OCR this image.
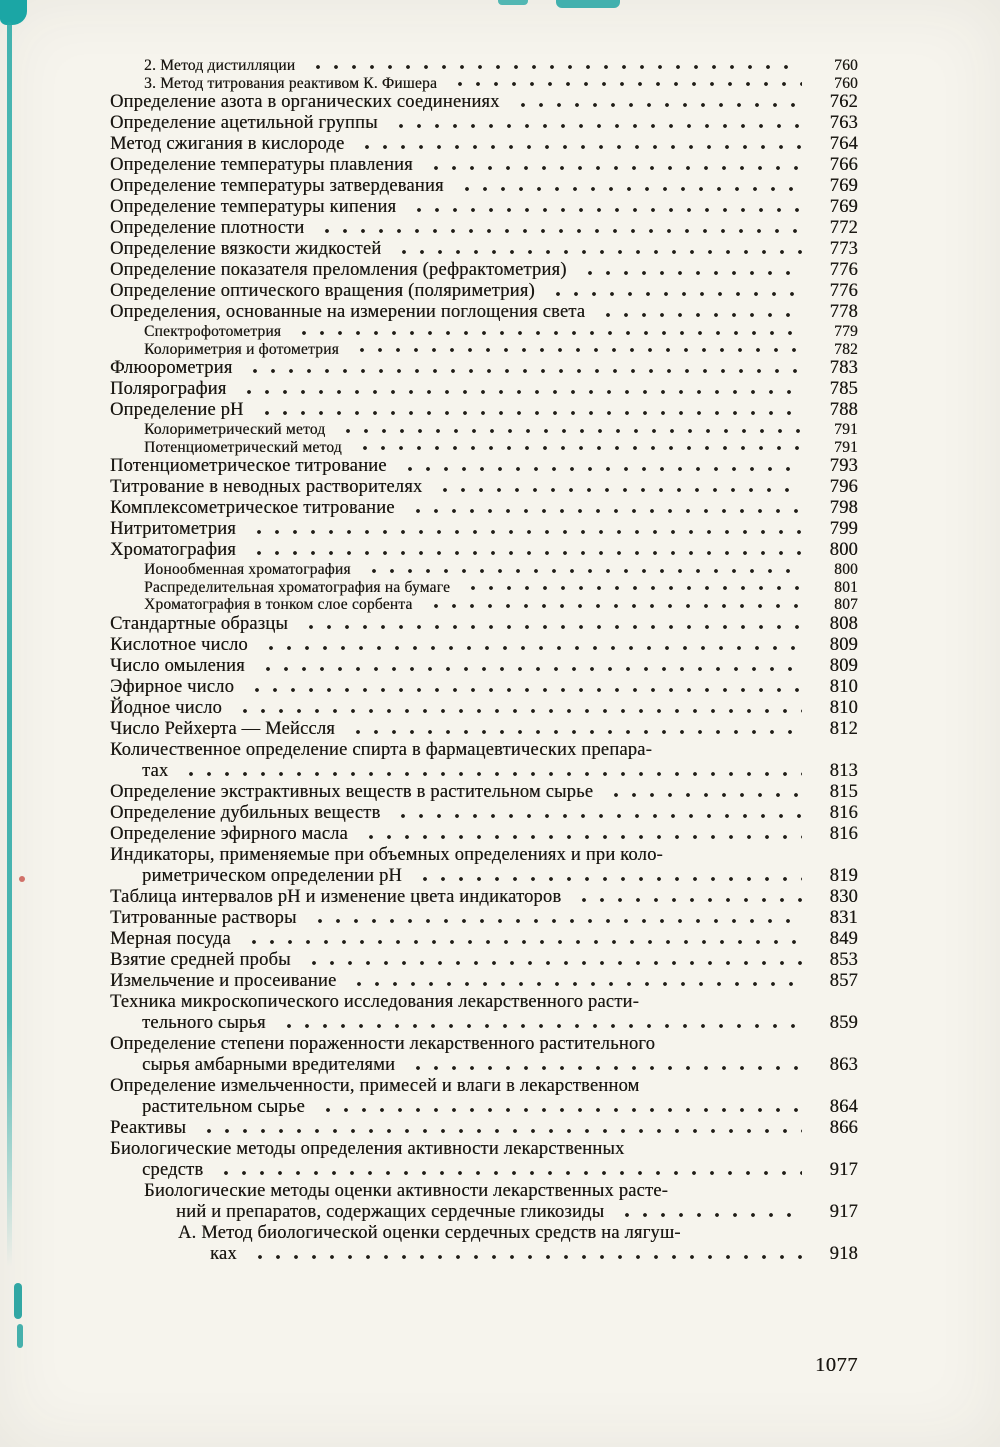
2. Метод дистилляции	760
3. Метод титрования реактивом К. Фишера	760
Определение азота в органических соединениях	762
Определение ацетильной группы	763
Метод сжигания в кислороде	764
Определение температуры плавления	766
Определение температуры затвердевания	769
Определение температуры кипения	769
Определение плотности	772
Определение вязкости жидкостей	773
Определение показателя преломления (рефрактометрия)	776
Определение оптического вращения (поляриметрия)	776
Определения, основанные на измерении поглощения света	778
Спектрофотометрия	779
Колориметрия и фотометрия	782
Флюорометрия	783
Полярография	785
Определение pH	788
Колориметрический метод	791
Потенциометрический метод	791
Потенциометрическое титрование	793
Титрование в неводных растворителях	796
Комплексометрическое титрование	798
Нитритометрия	799
Хроматография	800
Ионообменная хроматография	800
Распределительная хроматография на бумаге	801
Хроматография в тонком слое сорбента	807
Стандартные образцы	808
Кислотное число	809
Число омыления	809
Эфирное число	810
Йодное число	810
Число Рейхерта — Мейссля	812
Количественное определение спирта в фармацевтических препара-
тах	813
Определение экстрактивных веществ в растительном сырье	815
Определение дубильных веществ	816
Определение эфирного масла	816
Индикаторы, применяемые при объемных определениях и при коло-
риметрическом определении pH	819
Таблица интервалов pH и изменение цвета индикаторов	830
Титрованные растворы	831
Мерная посуда	849
Взятие средней пробы	853
Измельчение и просеивание	857
Техника микроскопического исследования лекарственного расти-
тельного сырья	859
Определение степени пораженности лекарственного растительного
сырья амбарными вредителями	863
Определение измельченности, примесей и влаги в лекарственном
растительном сырье	864
Реактивы	866
Биологические методы определения активности лекарственных
средств	917
Биологические методы оценки активности лекарственных расте-
ний и препаратов, содержащих сердечные гликозиды	917
А. Метод биологической оценки сердечных средств на лягуш-
ках	918
1077
